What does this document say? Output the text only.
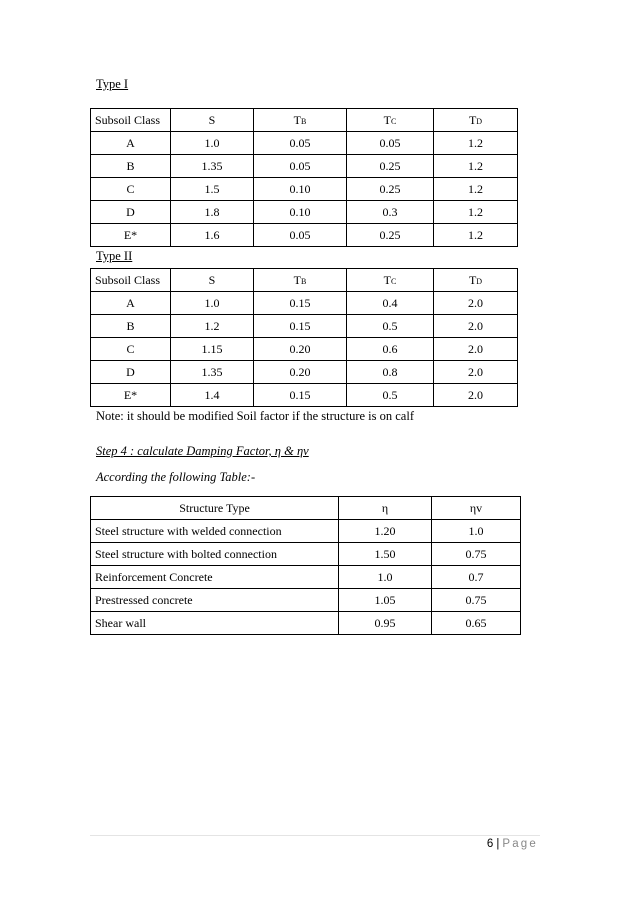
Type I
Subsoil Class	S	TB	TC	TD
A	1.0	0.05	0.05	1.2
B	1.35	0.05	0.25	1.2
C	1.5	0.10	0.25	1.2
D	1.8	0.10	0.3	1.2
E*	1.6	0.05	0.25	1.2
Type II
Subsoil Class	S	TB	TC	TD
A	1.0	0.15	0.4	2.0
B	1.2	0.15	0.5	2.0
C	1.15	0.20	0.6	2.0
D	1.35	0.20	0.8	2.0
E*	1.4	0.15	0.5	2.0
Note: it should be modified Soil factor if the structure is on calf
Step 4 : calculate Damping Factor, η & ηv
According the following Table:-
Structure Type	η	ηv
Steel structure with welded connection	1.20	1.0
Steel structure with bolted connection	1.50	0.75
Reinforcement Concrete	1.0	0.7
Prestressed concrete	1.05	0.75
Shear wall	0.95	0.65
6 | Page
